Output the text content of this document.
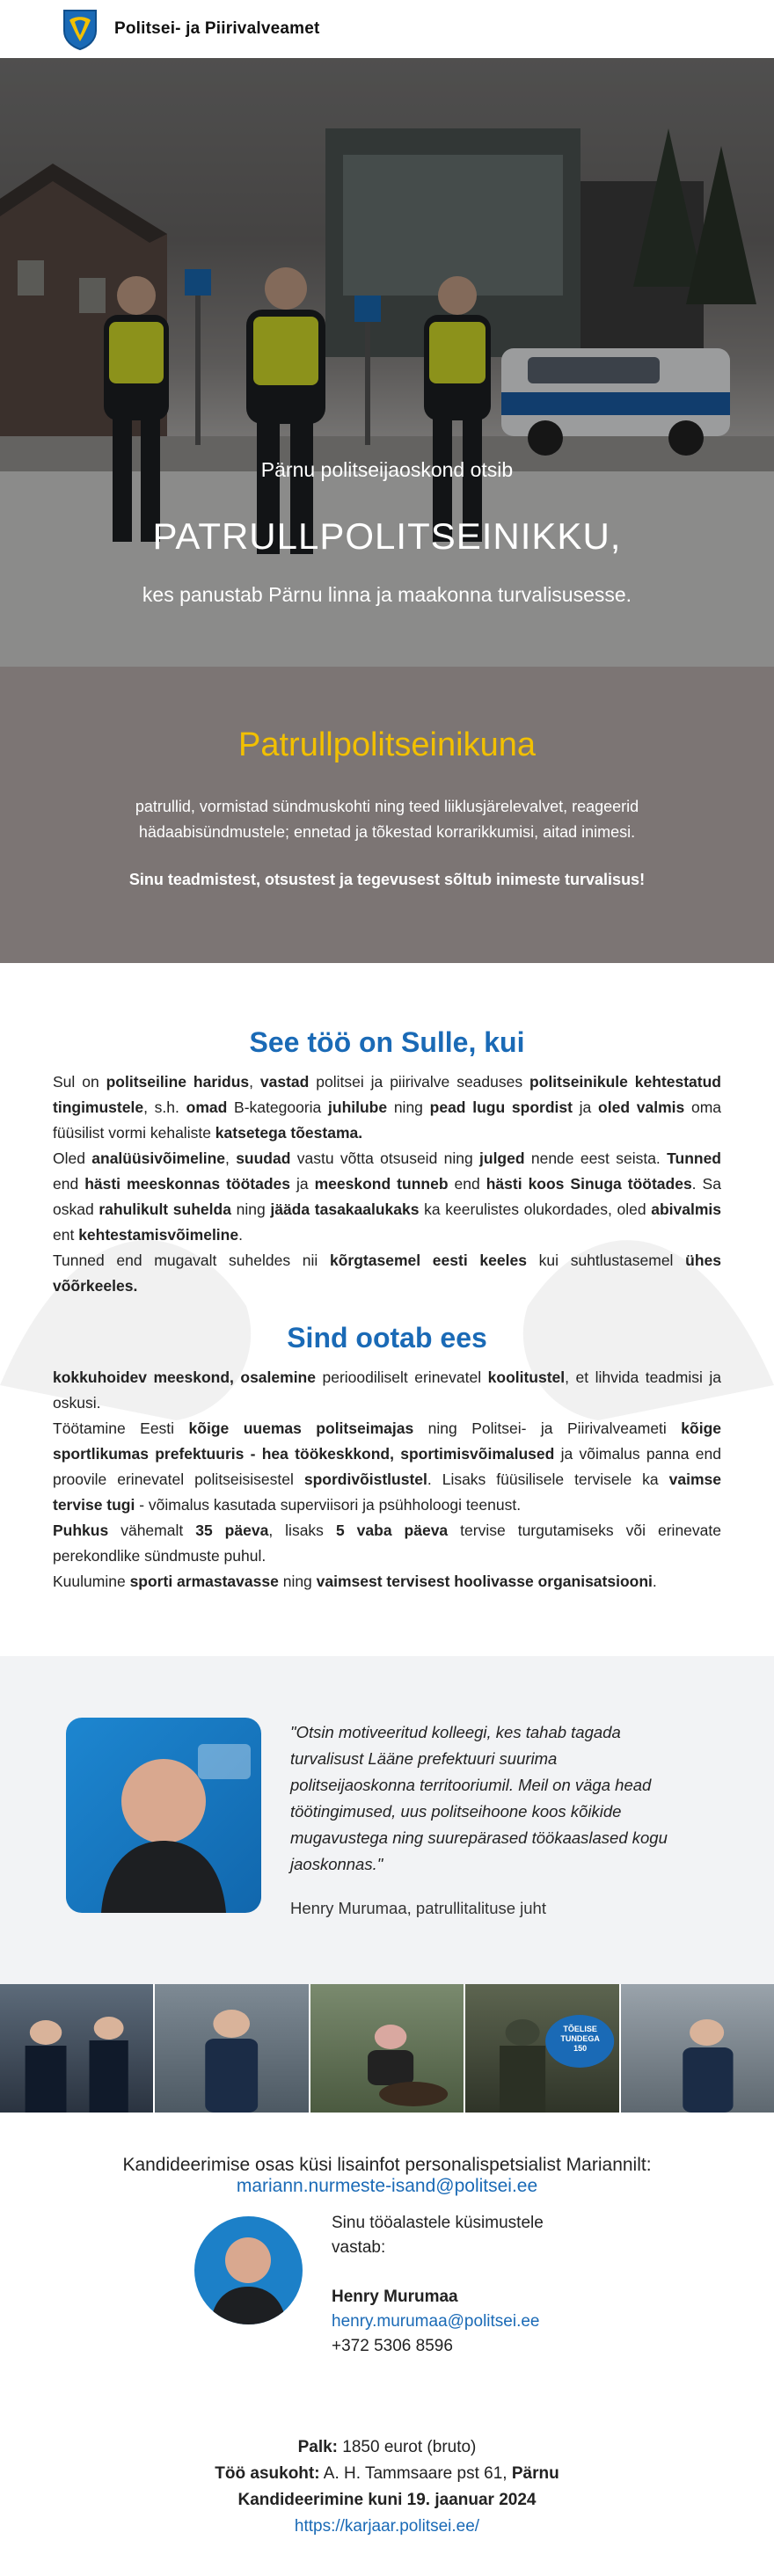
Politsei- ja Piirivalveamet
Pärnu politseijaoskond otsib
PATRULLPOLITSEINIKKU,
kes panustab Pärnu linna ja maakonna turvalisusesse.
Patrullpolitseinikuna
patrullid, vormistad sündmuskohti ning teed liiklusjärelevalvet, reageerid hädaabisündmustele; ennetad ja tõkestad korrarikkumisi, aitad inimesi.
Sinu teadmistest, otsustest ja tegevusest sõltub inimeste turvalisus!
See töö on Sulle, kui

Sul on politseiline haridus, vastad politsei ja piirivalve seaduses politseinikule kehtestatud tingimustele, s.h. omad B-kategooria juhilube ning pead lugu spordist ja oled valmis oma füüsilist vormi kehaliste katsetega tõestama.

Oled analüüsivõimeline, suudad vastu võtta otsuseid ning julged nende eest seista. Tunned end hästi meeskonnas töötades ja meeskond tunneb end hästi koos Sinuga töötades. Sa oskad rahulikult suhelda ning jääda tasakaalukaks ka keerulistes olukordades, oled abivalmis ent kehtestamisvõimeline.

Tunned end mugavalt suheldes nii kõrgtasemel eesti keeles kui suhtlustasemel ühes võõrkeeles.

Sind ootab ees

kokkuhoidev meeskond, osalemine perioodiliselt erinevatel koolitustel, et lihvida teadmisi ja oskusi.

Töötamine Eesti kõige uuemas politseimajas ning Politsei- ja Piirivalveameti kõige sportlikumas prefektuuris - hea töökeskkond, sportimisvõimalused ja võimalus panna end proovile erinevatel politseisisestel spordivõistlustel. Lisaks füüsilisele tervisele ka vaimse tervise tugi - võimalus kasutada superviisori ja psühholoogi teenust.

Puhkus vähemalt 35 päeva, lisaks 5 vaba päeva tervise turgutamiseks või erinevate perekondlike sündmuste puhul.

Kuulumine sporti armastavasse ning vaimsest tervisest hoolivasse organisatsiooni.

"Otsin motiveeritud kolleegi, kes tahab tagada turvalisust Lääne prefektuuri suurima politseijaoskonna territooriumil. Meil on väga head töötingimused, uus politseihoone koos kõikide mugavustega ning suurepärased töökaaslased kogu jaoskonnas."
Henry Murumaa, patrullitalituse juht
TÕELISE
TUNDEGA
150
Kandideerimise osas küsi lisainfot personalispetsialist Mariannilt:
mariann.nurmeste-isand@politsei.ee
Sinu tööalastele küsimustele vastab:
Henry Murumaa
henry.murumaa@politsei.ee
+372 5306 8596
Palk: 1850 eurot (bruto)
Töö asukoht: A. H. Tammsaare pst 61, Pärnu
Kandideerimine kuni 19. jaanuar 2024
https://karjaar.politsei.ee/
